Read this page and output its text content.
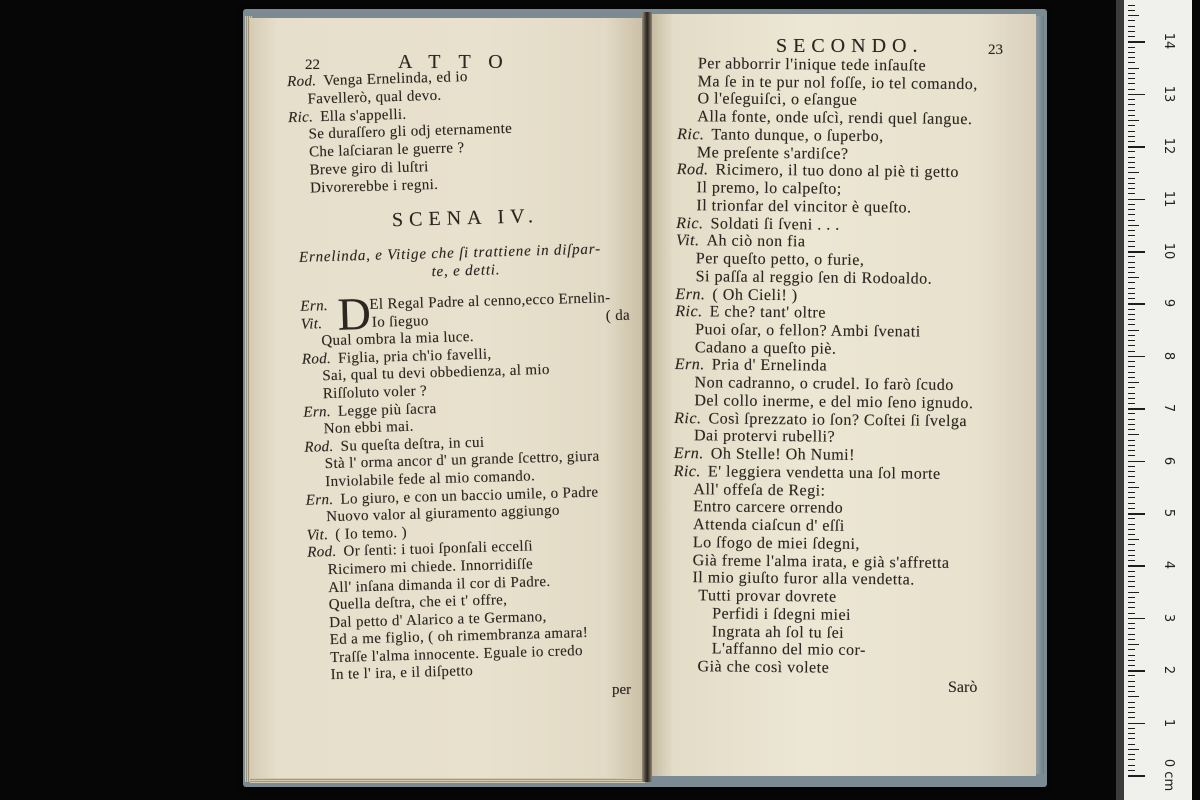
22	ATTO
Rod. Venga Ernelinda, ed io
Favellerò, qual devo.
Ric. Ella s'appelli.
Se duraſſero gli odj eternamente
Che laſciaran le guerre ?
Breve giro di luſtri
Divorerebbe i regni.
SCENA IV.
Ernelinda, e Vitige che ſi trattiene in diſpar-
te, e detti.
Ern. DEl Regal Padre al cenno,ecco Ernelin-
Vit.	Io ſieguo	( da
Qual ombra la mia luce.
Rod. Figlia, pria ch'io favelli,
Sai, qual tu devi obbedienza, al mio
Riſſoluto voler ?
Ern. Legge più ſacra
Non ebbi mai.
Rod. Su queſta deſtra, in cui
Stà l' orma ancor d' un grande ſcettro, giura
Inviolabile fede al mio comando.
Ern. Lo giuro, e con un baccio umile, o Padre
Nuovo valor al giuramento aggiungo
Vit. ( Io temo. )
Rod. Or ſenti: i tuoi ſponſali eccelſi
Ricimero mi chiede. Innorridiſſe
All' inſana dimanda il cor di Padre.
Quella deſtra, che ei t' offre,
Dal petto d' Alarico a te Germano,
Ed a me figlio, ( oh rimembranza amara!
Traſſe l'alma innocente. Eguale io credo
In te l' ira, e il diſpetto
per
SECONDO.	23
Per abborrir l'inique tede inſauſte
Ma ſe in te pur nol foſſe, io tel comando,
O l'eſeguiſci, o eſangue
Alla fonte, onde uſcì, rendi quel ſangue.
Ric. Tanto dunque, o ſuperbo,
Me preſente s'ardiſce?
Rod. Ricimero, il tuo dono al piè ti getto
Il premo, lo calpeſto;
Il trionfar del vincitor è queſto.
Ric. Soldati ſi ſveni . . .
Vit. Ah ciò non fia
Per queſto petto, o furie,
Si paſſa al reggio ſen di Rodoaldo.
Ern. ( Oh Cieli! )
Ric. E che? tant' oltre
Puoi oſar, o fellon? Ambi ſvenati
Cadano a queſto piè.
Ern. Pria d' Ernelinda
Non cadranno, o crudel. Io farò ſcudo
Del collo inerme, e del mio ſeno ignudo.
Ric. Così ſprezzato io ſon? Coſtei ſi ſvelga
Dai protervi rubelli?
Ern. Oh Stelle! Oh Numi!
Ric. E' leggiera vendetta una ſol morte
All' offeſa de Regi:
Entro carcere orrendo
Attenda ciaſcun d' eſſi
Lo ſfogo de miei ſdegni,
Già freme l'alma irata, e già s'affretta
Il mio giuſto furor alla vendetta.
Tutti provar dovrete
Perfidi i ſdegni miei
Ingrata ah ſol tu ſei
L'affanno del mio cor-
Già che così volete
Sarò
0 cm
1
2
3
4
5
6
7
8
9
10
11
12
13
14
